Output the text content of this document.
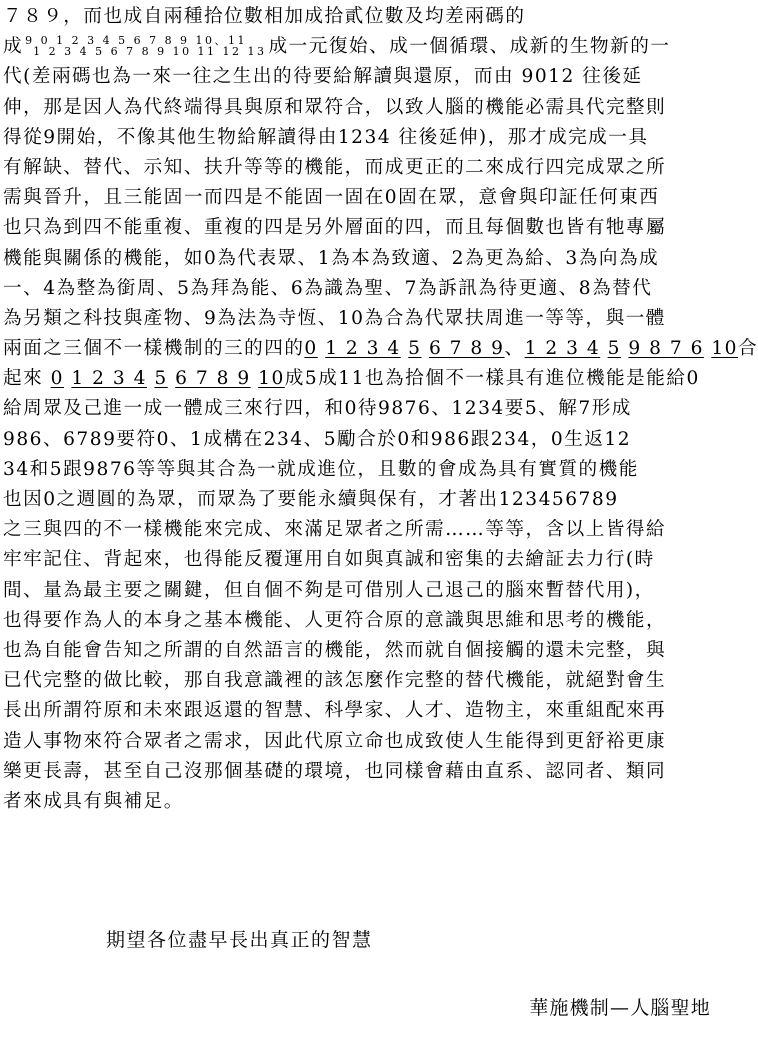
７８９，而也成自兩種拾位數相加成拾貳位數及均差兩碼的
成 9 0 1 2 3 4 5 6 7 8 9 10、11
1 2 3 4 5 6 7 8 9 10 11 12 13 成一元復始、成一個循環、成新的生物新的一
代(差兩碼也為一來一往之生出的待要給解讀與還原，而由 9012 往後延
伸，那是因人為代終端得具與原和眾符合，以致人腦的機能必需具代完整則
得從9開始，不像其他生物給解讀得由1234 往後延伸)，那才成完成一具
有解缺、替代、示知、扶升等等的機能，而成更正的二來成行四完成眾之所
需與晉升，且三能固一而四是不能固一固在0固在眾，意會與印証任何東西
也只為到四不能重複、重複的四是另外層面的四，而且每個數也皆有牠專屬
機能與關係的機能，如0為代表眾、1為本為致適、2為更為給、3為向為成
一、4為整為銜周、5為拜為能、6為識為聖、7為訴訊為待更適、8為替代
為另類之科技與產物、9為法為寺恆、10為合為代眾扶周進一等等，與一體
兩面之三個不一樣機制的三的四的0 1 2 3 4 5 6 7 8 9、1 2 3 4 5 9 8 7 6 10合
起來 0 1 2 3 4 5 6 7 8 9 10成5成11也為拾個不一樣具有進位機能是能給0
給周眾及己進一成一體成三來行四，和0待9876、1234要5、解7形成
986、6789要符0、1成構在234、5勵合於0和986跟234，0生返12
34和5跟9876等等與其合為一就成進位，且數的會成為具有實質的機能
也因0之週圓的為眾，而眾為了要能永續與保有，才著出123456789
之三與四的不一樣機能來完成、來滿足眾者之所需……等等，含以上皆得給
牢牢記住、背起來，也得能反覆運用自如與真誠和密集的去繪証去力行(時
間、量為最主要之關鍵，但自個不夠是可借別人己退己的腦來暫替代用)，
也得要作為人的本身之基本機能、人更符合原的意識與思維和思考的機能，
也為自能會告知之所謂的自然語言的機能，然而就自個接觸的還未完整，與
已代完整的做比較，那自我意識裡的該怎麼作完整的替代機能，就絕對會生
長出所謂符原和未來跟返還的智慧、科學家、人才、造物主，來重組配來再
造人事物來符合眾者之需求，因此代原立命也成致使人生能得到更舒裕更康
樂更長壽，甚至自己沒那個基礎的環境，也同樣會藉由直系、認同者、類同
者來成具有與補足。
期望各位盡早長出真正的智慧
華施機制—人腦聖地
